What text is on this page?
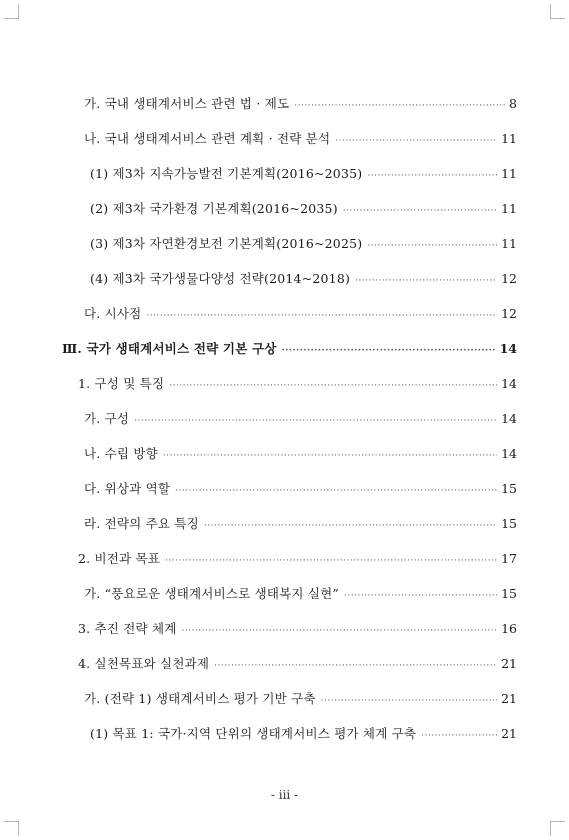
가. 국내 생태계서비스 관련 법 · 제도 ·····	8
나. 국내 생태계서비스 관련 계획 · 전략 분석 ·····	11
(1) 제3차 지속가능발전 기본계획(2016~2035) ·····	11
(2) 제3차 국가환경 기본계획(2016~2035) ·····	11
(3) 제3차 자연환경보전 기본계획(2016~2025) ·····	11
(4) 제3차 국가생물다양성 전략(2014~2018) ·····	12
다. 시사점 ·····	12
Ⅲ. 국가 생태계서비스 전략 기본 구상 ·····	14
1. 구성 및 특징 ·····	14
가. 구성 ·····	14
나. 수립 방향 ·····	14
다. 위상과 역할 ·····	15
라. 전략의 주요 특징 ·····	15
2. 비전과 목표 ·····	17
가. “풍요로운 생태계서비스로 생태복지 실현” ·····	15
3. 추진 전략 체계 ·····	16
4. 실천목표와 실천과제 ·····	21
가. (전략 1) 생태계서비스 평가 기반 구축 ·····	21
(1) 목표 1: 국가·지역 단위의 생태계서비스 평가 체계 구축 ·····	21
- iii -
